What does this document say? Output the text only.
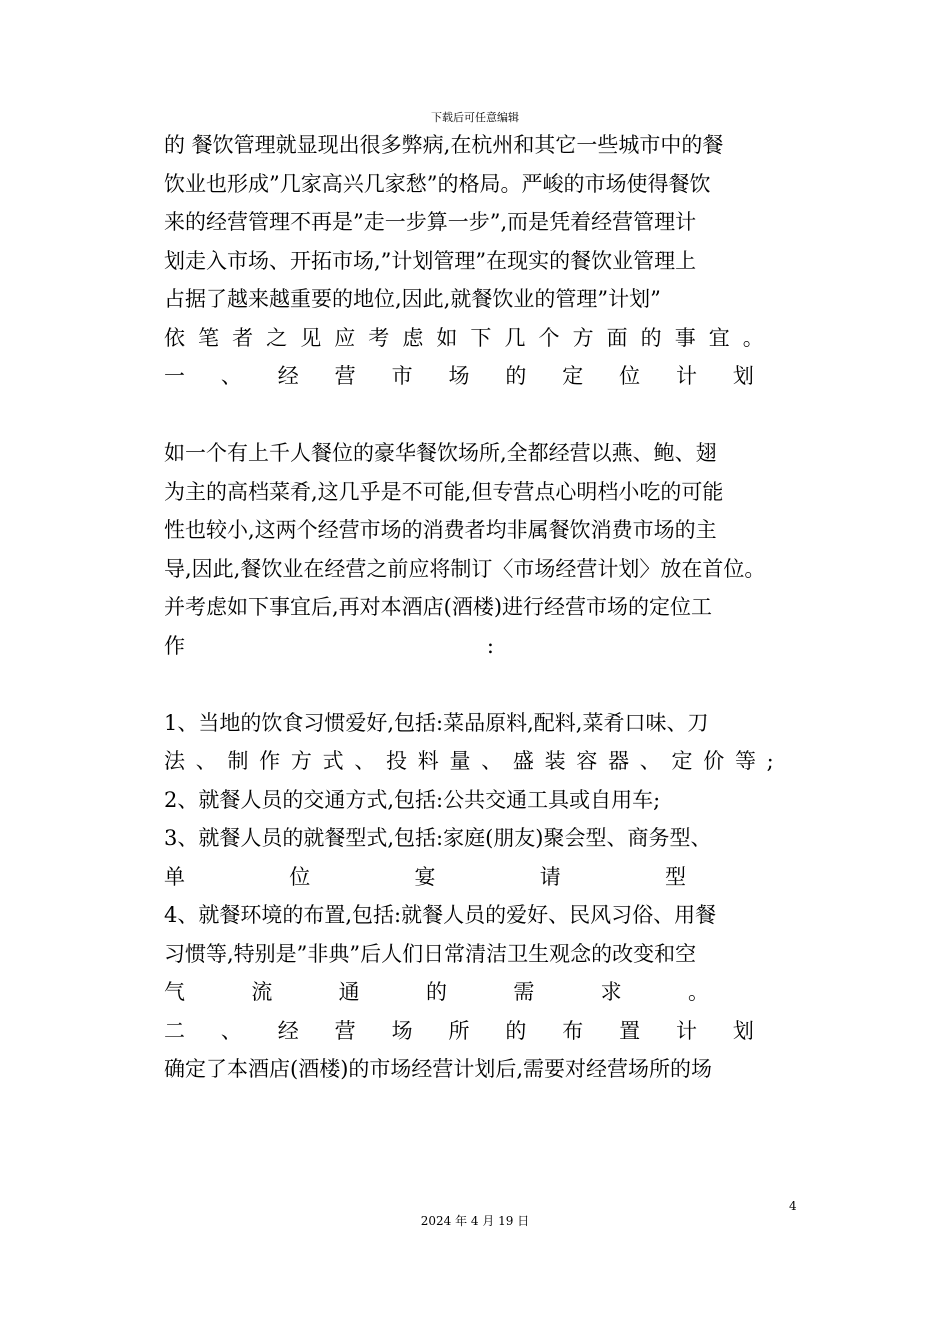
下载后可任意编辑
的 餐饮管理就显现出很多弊病,在杭州和其它一些城市中的餐
饮业也形成”几家高兴几家愁”的格局。严峻的市场使得餐饮
来的经营管理不再是”走一步算一步”,而是凭着经营管理计
划走入市场、开拓市场,”计划管理”在现实的餐饮业管理上
占据了越来越重要的地位,因此,就餐饮业的管理”计划”
依 笔 者 之 见 应 考 虑 如 下 几 个 方 面 的 事 宜 。
一 、 经 营 市 场 的 定 位 计 划
如一个有上千人餐位的豪华餐饮场所,全都经营以燕、鲍、翅
为主的高档菜肴,这几乎是不可能,但专营点心明档小吃的可能
性也较小,这两个经营市场的消费者均非属餐饮消费市场的主
导,因此,餐饮业在经营之前应将制订〈市场经营计划〉放在首位。
并考虑如下事宜后,再对本酒店(酒楼)进行经营市场的定位工
作	:
1、当地的饮食习惯爱好,包括:菜品原料,配料,菜肴口味、刀
法 、 制 作 方 式 、 投 料 量 、 盛 装 容 器 、 定 价 等 ;
2、就餐人员的交通方式,包括:公共交通工具或自用车;
3、就餐人员的就餐型式,包括:家庭(朋友)聚会型、商务型、
单	位	宴	请	型
4、就餐环境的布置,包括:就餐人员的爱好、民风习俗、用餐
习惯等,特别是”非典”后人们日常清洁卫生观念的改变和空
气	流	通	的	需	求	。
二 、 经 营 场 所 的 布 置 计 划
确定了本酒店(酒楼)的市场经营计划后,需要对经营场所的场
4
2024 年 4 月 19 日
